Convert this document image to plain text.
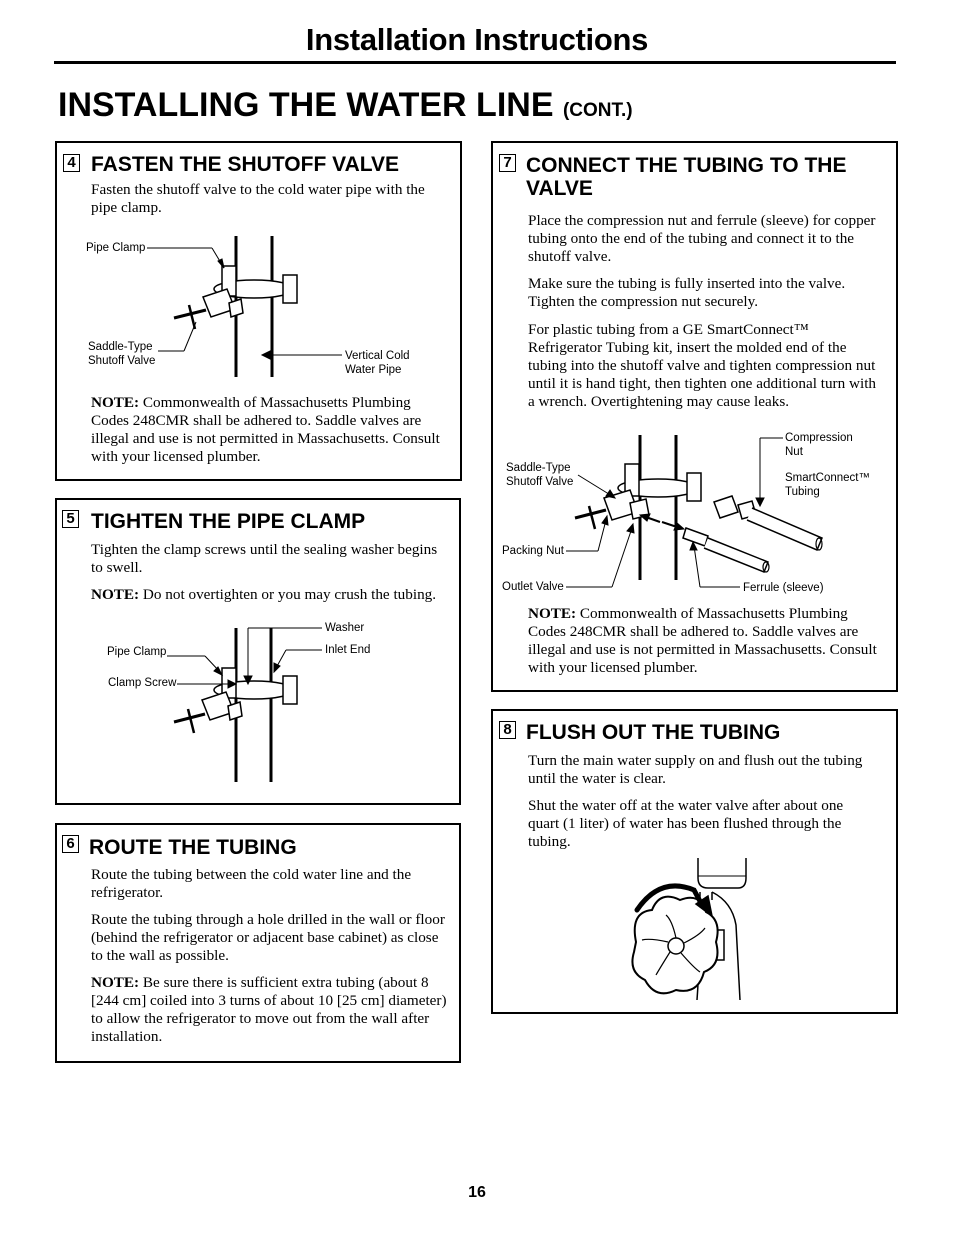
Installation Instructions
INSTALLING THE WATER LINE (CONT.)
4 FASTEN THE SHUTOFF VALVE

Fasten the shutoff valve to the cold water pipe with the pipe clamp.

Pipe Clamp
Saddle-Type
Shutoff Valve	Vertical Cold
Water Pipe

NOTE: Commonwealth of Massachusetts Plumbing Codes 248CMR shall be adhered to. Saddle valves are illegal and use is not permitted in Massachusetts. Consult with your licensed plumber.

5 TIGHTEN THE PIPE CLAMP

Tighten the clamp screws until the sealing washer begins to swell.

NOTE: Do not overtighten or you may crush the tubing.

Washer
Inlet End
Pipe Clamp
Clamp Screw
6 ROUTE THE TUBING

Route the tubing between the cold water line and the refrigerator.

Route the tubing through a hole drilled in the wall or floor (behind the refrigerator or adjacent base cabinet) as close to the wall as possible.

NOTE: Be sure there is sufficient extra tubing (about 8 [244 cm] coiled into 3 turns of about 10 [25 cm] diameter) to allow the refrigerator to move out from the wall after installation.

7 CONNECT THE TUBING TO THE VALVE

Place the compression nut and ferrule (sleeve) for copper tubing onto the end of the tubing and connect it to the shutoff valve.

Make sure the tubing is fully inserted into the valve. Tighten the compression nut securely.

For plastic tubing from a GE SmartConnect™ Refrigerator Tubing kit, insert the molded end of the tubing into the shutoff valve and tighten compression nut until it is hand tight, then tighten one additional turn with a wrench. Overtightening may cause leaks.

Compression
Nut
SmartConnect™
Tubing
Saddle-Type
Shutoff Valve
Packing Nut
Outlet Valve	Ferrule (sleeve)

NOTE: Commonwealth of Massachusetts Plumbing Codes 248CMR shall be adhered to. Saddle valves are illegal and use is not permitted in Massachusetts. Consult with your licensed plumber.

8 FLUSH OUT THE TUBING

Turn the main water supply on and flush out the tubing until the water is clear.

Shut the water off at the water valve after about one quart (1 liter) of water has been flushed through the tubing.

16
